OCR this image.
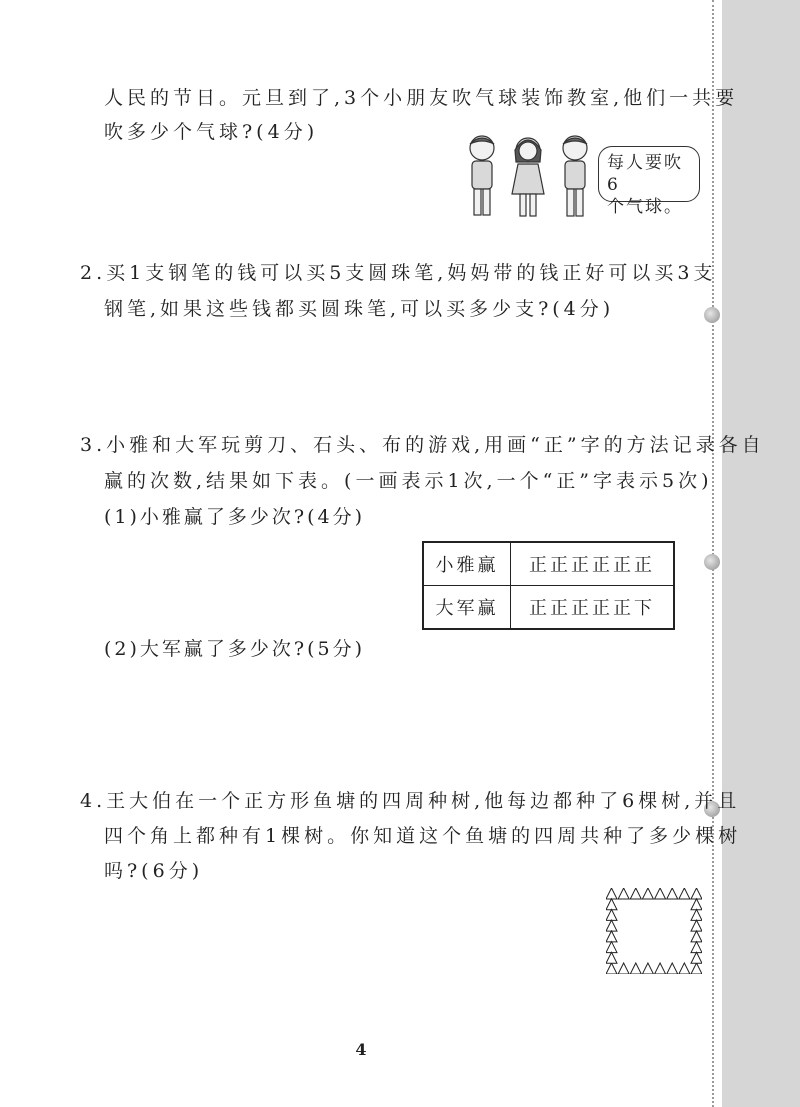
人民的节日。元旦到了,3个小朋友吹气球装饰教室,他们一共要
吹多少个气球?(4分)
每人要吹6
个气球。
2.买1支钢笔的钱可以买5支圆珠笔,妈妈带的钱正好可以买3支
钢笔,如果这些钱都买圆珠笔,可以买多少支?(4分)
3.小雅和大军玩剪刀、石头、布的游戏,用画“正”字的方法记录各自
赢的次数,结果如下表。(一画表示1次,一个“正”字表示5次)
(1)小雅赢了多少次?(4分)
小雅赢	正正正正正正
大军赢	正正正正正下
(2)大军赢了多少次?(5分)
4.王大伯在一个正方形鱼塘的四周种树,他每边都种了6棵树,并且
四个角上都种有1棵树。你知道这个鱼塘的四周共种了多少棵树
吗?(6分)
4
